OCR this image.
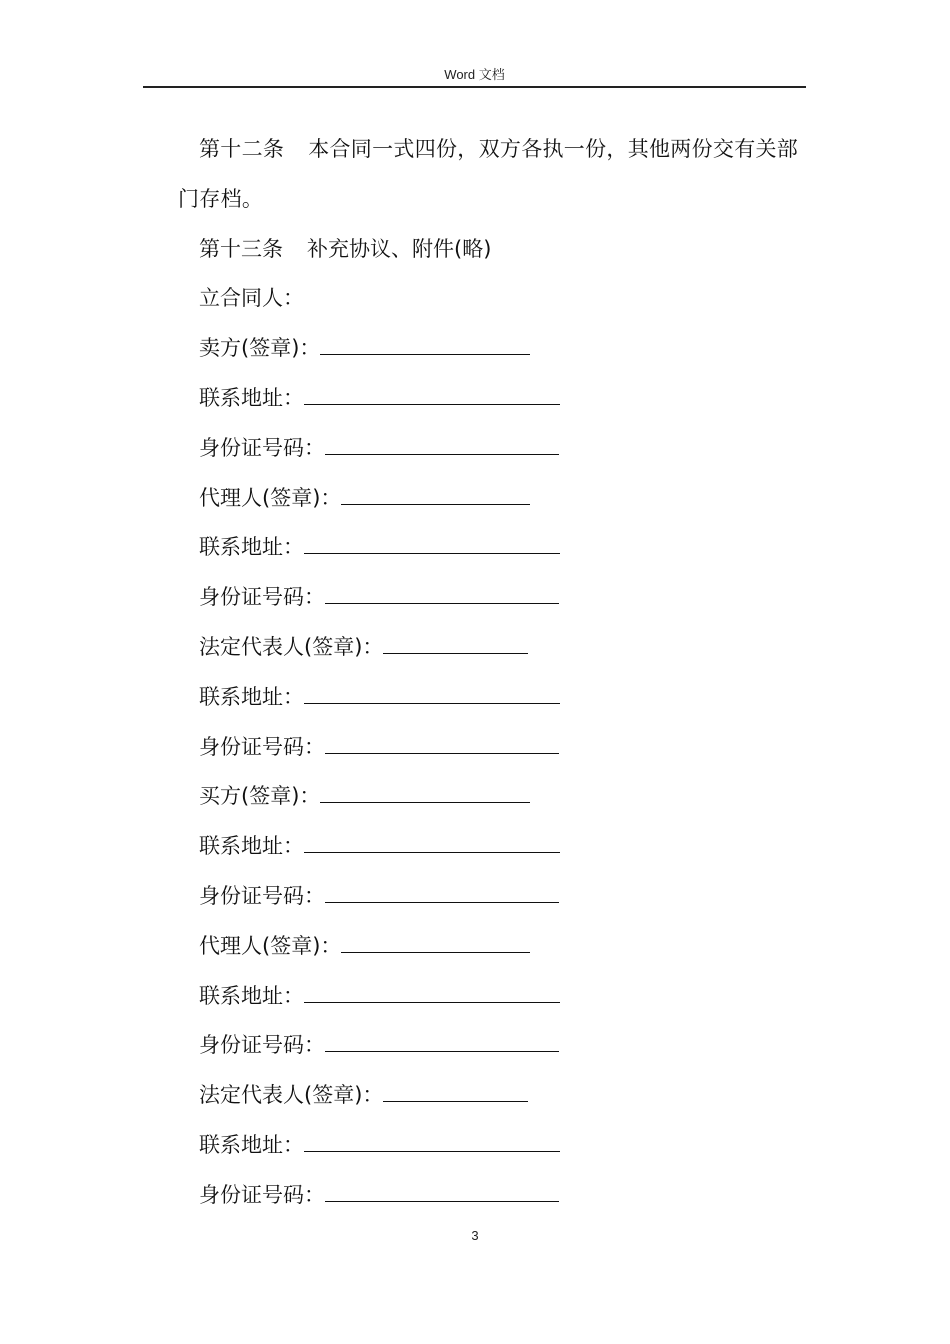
Word 文档
第十二条 本合同一式四份，双方各执一份，其他两份交有关部门存档。
第十三条 补充协议、附件(略)
立合同人：
卖方(签章)：
联系地址：
身份证号码：
代理人(签章)：
联系地址：
身份证号码：
法定代表人(签章)：
联系地址：
身份证号码：
买方(签章)：
联系地址：
身份证号码：
代理人(签章)：
联系地址：
身份证号码：
法定代表人(签章)：
联系地址：
身份证号码：
3
